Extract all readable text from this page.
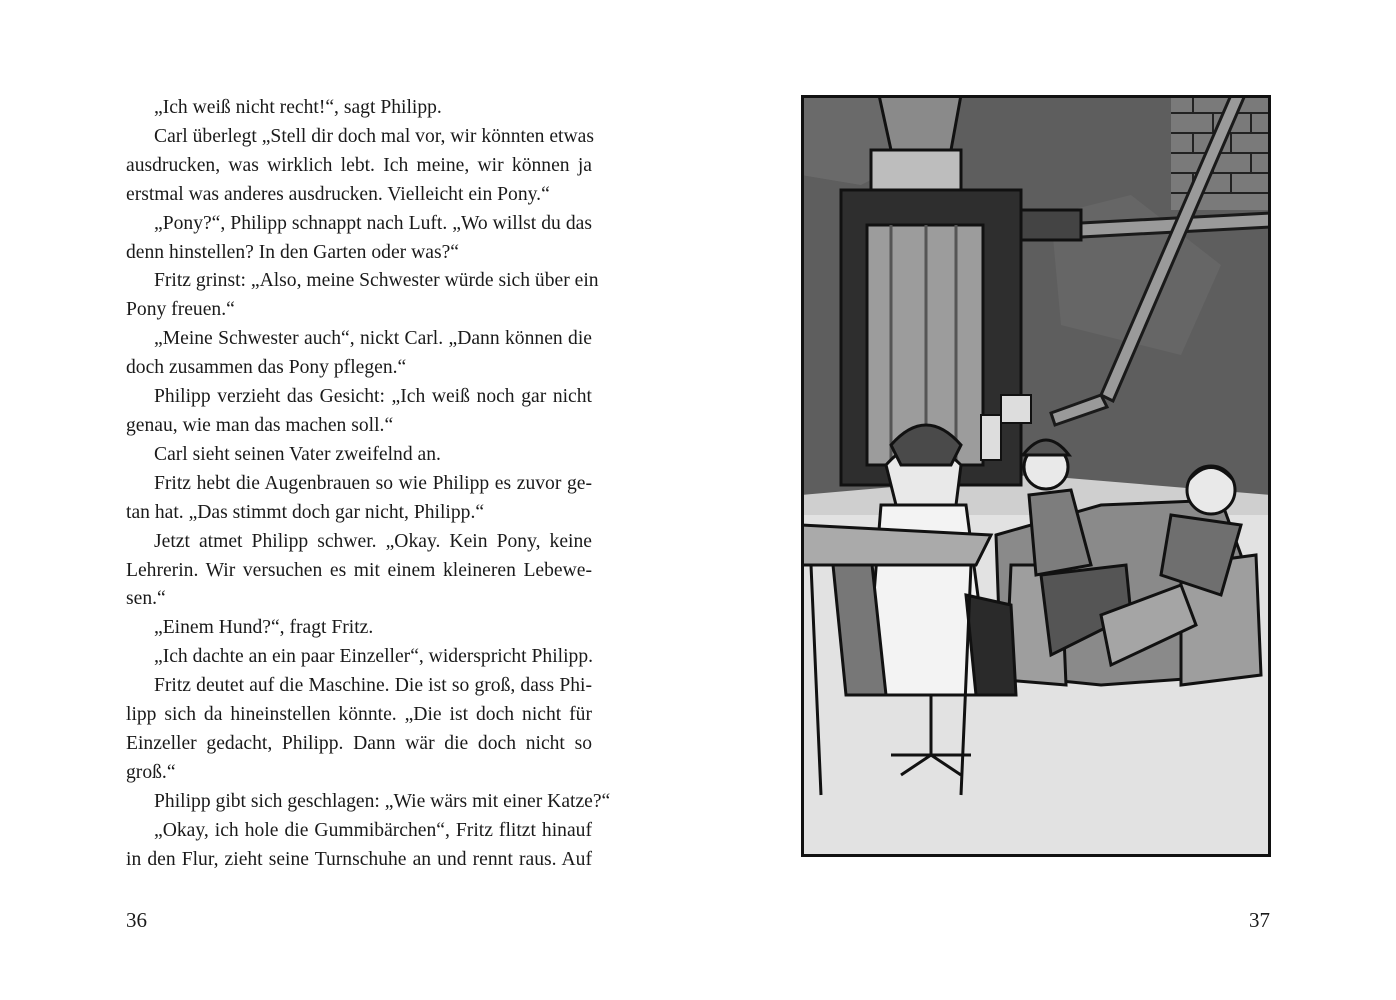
„Ich weiß nicht recht!“, sagt Philipp.
Carl überlegt „Stell dir doch mal vor, wir könnten etwas
ausdrucken, was wirklich lebt. Ich meine, wir können ja
erstmal was anderes ausdrucken. Vielleicht ein Pony.“
„Pony?“, Philipp schnappt nach Luft. „Wo willst du das
denn hinstellen? In den Garten oder was?“
Fritz grinst: „Also, meine Schwester würde sich über ein
Pony freuen.“
„Meine Schwester auch“, nickt Carl. „Dann können die
doch zusammen das Pony pflegen.“
Philipp verzieht das Gesicht: „Ich weiß noch gar nicht
genau, wie man das machen soll.“
Carl sieht seinen Vater zweifelnd an.
Fritz hebt die Augenbrauen so wie Philipp es zuvor ge-
tan hat. „Das stimmt doch gar nicht, Philipp.“
Jetzt atmet Philipp schwer. „Okay. Kein Pony, keine
Lehrerin. Wir versuchen es mit einem kleineren Lebewe-
sen.“
„Einem Hund?“, fragt Fritz.
„Ich dachte an ein paar Einzeller“, widerspricht Philipp.
Fritz deutet auf die Maschine. Die ist so groß, dass Phi-
lipp sich da hineinstellen könnte. „Die ist doch nicht für
Einzeller gedacht, Philipp. Dann wär die doch nicht so
groß.“
Philipp gibt sich geschlagen: „Wie wärs mit einer Katze?“
„Okay, ich hole die Gummibärchen“, Fritz flitzt hinauf
in den Flur, zieht seine Turnschuhe an und rennt raus. Auf
36	37
